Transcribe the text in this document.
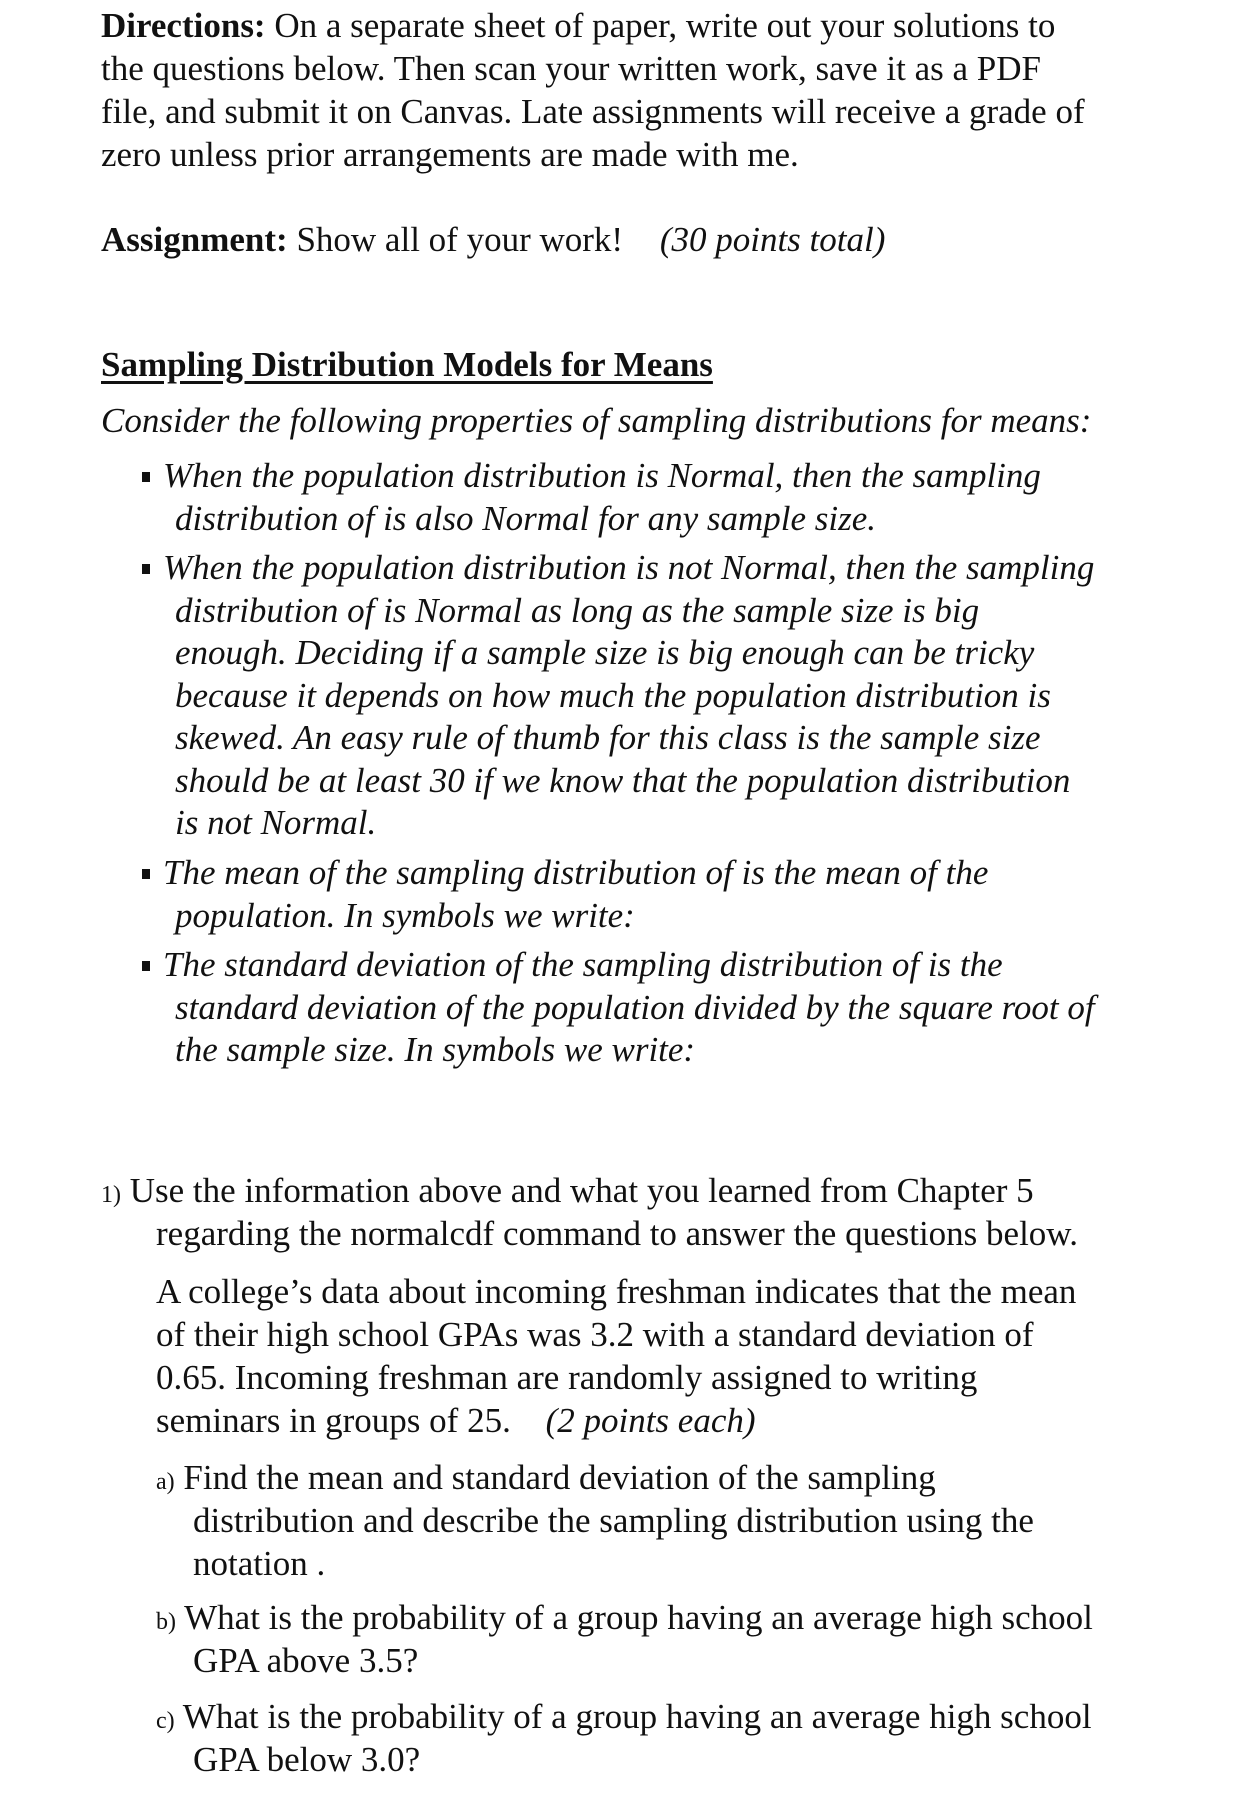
Directions: On a separate sheet of paper, write out your solutions to
the questions below. Then scan your written work, save it as a PDF
file, and submit it on Canvas. Late assignments will receive a grade of
zero unless prior arrangements are made with me.
Assignment: Show all of your work! (30 points total)
Sampling Distribution Models for Means
Consider the following properties of sampling distributions for means:
When the population distribution is Normal, then the sampling
distribution of is also Normal for any sample size.
When the population distribution is not Normal, then the sampling
distribution of is Normal as long as the sample size is big
enough. Deciding if a sample size is big enough can be tricky
because it depends on how much the population distribution is
skewed. An easy rule of thumb for this class is the sample size
should be at least 30 if we know that the population distribution
is not Normal.
The mean of the sampling distribution of is the mean of the
population. In symbols we write:
The standard deviation of the sampling distribution of is the
standard deviation of the population divided by the square root of
the sample size. In symbols we write:
1) Use the information above and what you learned from Chapter 5
regarding the normalcdf command to answer the questions below.
A college’s data about incoming freshman indicates that the mean
of their high school GPAs was 3.2 with a standard deviation of
0.65. Incoming freshman are randomly assigned to writing
seminars in groups of 25. (2 points each)
a) Find the mean and standard deviation of the sampling
distribution and describe the sampling distribution using the
notation .
b) What is the probability of a group having an average high school
GPA above 3.5?
c) What is the probability of a group having an average high school
GPA below 3.0?
